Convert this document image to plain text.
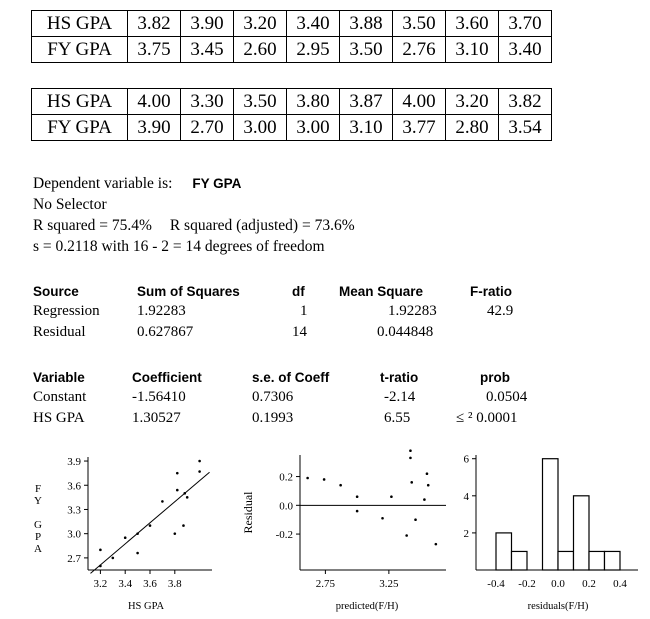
HS GPA	3.82	3.90	3.20	3.40	3.88	3.50	3.60	3.70
FY GPA	3.75	3.45	2.60	2.95	3.50	2.76	3.10	3.40
HS GPA	4.00	3.30	3.50	3.80	3.87	4.00	3.20	3.82
FY GPA	3.90	2.70	3.00	3.00	3.10	3.77	2.80	3.54
Dependent variable is: FY GPA
No Selector
R squared = 75.4% R squared (adjusted) = 73.6%
s = 0.2118 with 16 - 2 = 14 degrees of freedom
Source	Sum of Squares	df	Mean Square	F-ratio
Regression 1.92283	1	1.92283	42.9
Residual	0.627867	14	0.044848
Variable	Coefficient	s.e. of Coeff	t-ratio	prob
Constant	-1.56410	0.7306	-2.14	0.0504
HS GPA	1.30527	0.1993	6.55	≤ ² 0.0001
2.7
3.0
3.3
3.6
3.9
3.2 3.4 3.6 3.8
HS GPA
F
Y
G
P
A
0.2
0.0
-0.2
2.75	3.25
predicted(F/H)
Residual
2
4
6
-0.4 -0.2 0.0 0.2 0.4
residuals(F/H)
